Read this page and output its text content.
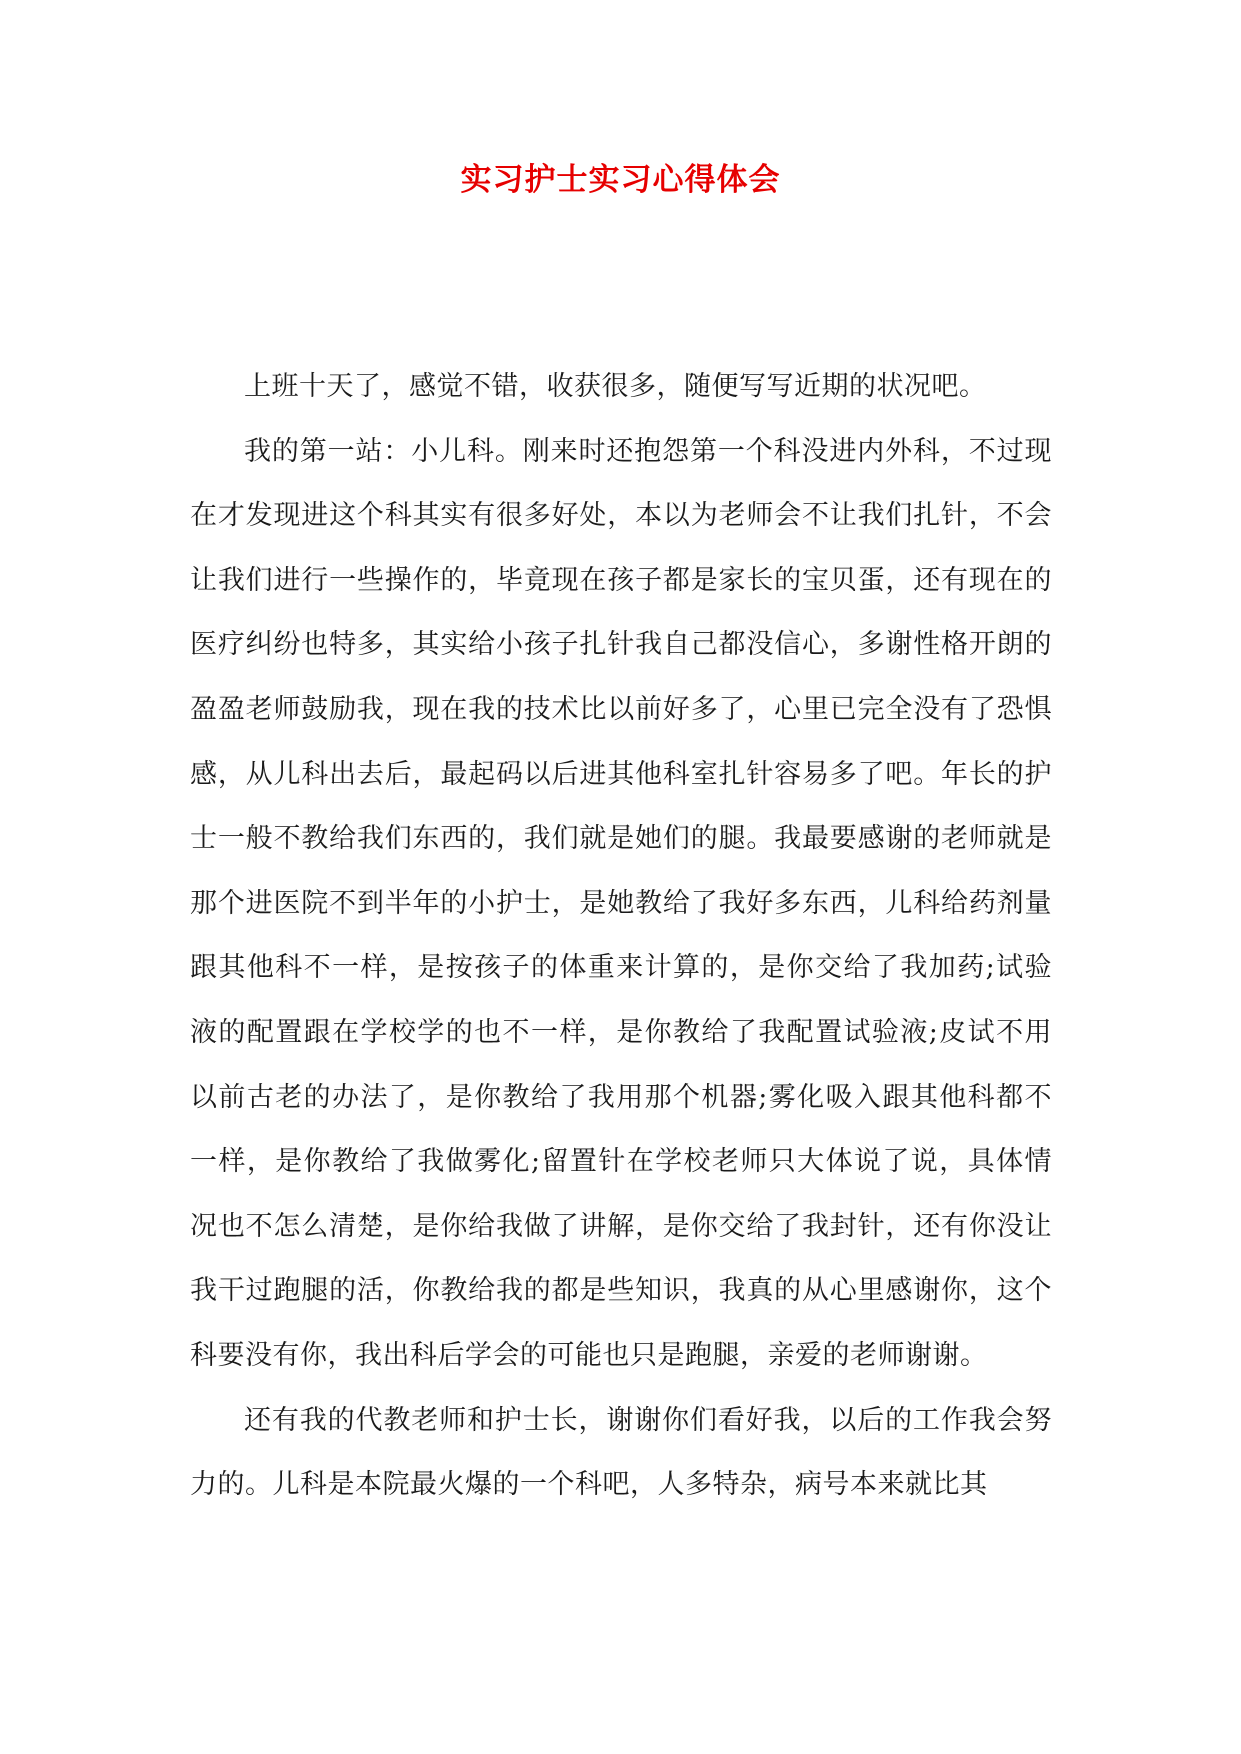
实习护士实习心得体会

上班十天了，感觉不错，收获很多，随便写写近期的状况吧。

我的第一站：小儿科。刚来时还抱怨第一个科没进内外科，不过现在才发现进这个科其实有很多好处，本以为老师会不让我们扎针，不会让我们进行一些操作的，毕竟现在孩子都是家长的宝贝蛋，还有现在的医疗纠纷也特多，其实给小孩子扎针我自己都没信心，多谢性格开朗的盈盈老师鼓励我，现在我的技术比以前好多了，心里已完全没有了恐惧感，从儿科出去后，最起码以后进其他科室扎针容易多了吧。年长的护士一般不教给我们东西的，我们就是她们的腿。我最要感谢的老师就是那个进医院不到半年的小护士，是她教给了我好多东西，儿科给药剂量跟其他科不一样，是按孩子的体重来计算的，是你交给了我加药;试验液的配置跟在学校学的也不一样，是你教给了我配置试验液;皮试不用以前古老的办法了，是你教给了我用那个机器;雾化吸入跟其他科都不一样，是你教给了我做雾化;留置针在学校老师只大体说了说，具体情况也不怎么清楚，是你给我做了讲解，是你交给了我封针，还有你没让我干过跑腿的活，你教给我的都是些知识，我真的从心里感谢你，这个科要没有你，我出科后学会的可能也只是跑腿，亲爱的老师谢谢。

还有我的代教老师和护士长，谢谢你们看好我，以后的工作我会努力的。儿科是本院最火爆的一个科吧，人多特杂，病号本来就比其
